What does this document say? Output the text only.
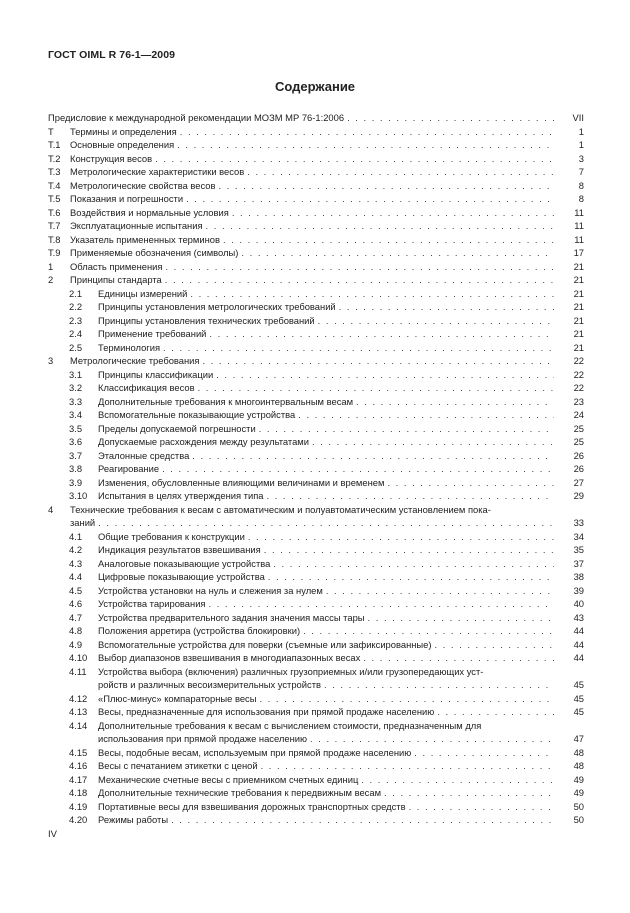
ГОСТ OIML R 76-1—2009
Содержание
Предисловие к международной рекомендации МОЗМ МР 76-1:2006 . . .	VII
T	Термины и определения . . .	1
T.1	Основные определения . . .	1
T.2	Конструкция весов . . .	3
T.3	Метрологические характеристики весов . . .	7
T.4	Метрологические свойства весов . . .	8
T.5	Показания и погрешности . . .	8
T.6	Воздействия и нормальные условия . . .	11
T.7	Эксплуатационные испытания . . .	11
T.8	Указатель примененных терминов . . .	11
T.9	Применяемые обозначения (символы) . . .	17
1	Область применения . . .	21
2	Принципы стандарта . . .	21
2.1	Единицы измерений . . .	21
2.2	Принципы установления метрологических требований . . .	21
2.3	Принципы установления технических требований . . .	21
2.4	Применение требований . . .	21
2.5	Терминология . . .	21
3	Метрологические требования . . .	22
3.1	Принципы классификации . . .	22
3.2	Классификация весов . . .	22
3.3	Дополнительные требования к многоинтервальным весам . . .	23
3.4	Вспомогательные показывающие устройства . . .	24
3.5	Пределы допускаемой погрешности . . .	25
3.6	Допускаемые расхождения между результатами . . .	25
3.7	Эталонные средства . . .	26
3.8	Реагирование . . .	26
3.9	Изменения, обусловленные влияющими величинами и временем . . .	27
3.10	Испытания в целях утверждения типа . . .	29
4	Технические требования к весам с автоматическим и полуавтоматическим установлением пока-
заний . . .	33
4.1	Общие требования к конструкции . . .	34
4.2	Индикация результатов взвешивания . . .	35
4.3	Аналоговые показывающие устройства . . .	37
4.4	Цифровые показывающие устройства . . .	38
4.5	Устройства установки на нуль и слежения за нулем . . .	39
4.6	Устройства тарирования . . .	40
4.7	Устройства предварительного задания значения массы тары . . .	43
4.8	Положения арретира (устройства блокировки) . . .	44
4.9	Вспомогательные устройства для поверки (съемные или зафиксированные) . . .	44
4.10	Выбор диапазонов взвешивания в многодиапазонных весах . . .	44
4.11	Устройства выбора (включения) различных грузоприемных и/или грузопередающих уст-
ройств и различных весоизмерительных устройств . . .	45
4.12	«Плюс-минус» компараторные весы . . .	45
4.13	Весы, предназначенные для использования при прямой продаже населению . . .	45
4.14	Дополнительные требования к весам с вычислением стоимости, предназначенным для
использования при прямой продаже населению . . .	47
4.15	Весы, подобные весам, используемым при прямой продаже населению . . .	48
4.16	Весы с печатанием этикетки с ценой . . .	48
4.17	Механические счетные весы с приемником счетных единиц . . .	49
4.18	Дополнительные технические требования к передвижным весам . . .	49
4.19	Портативные весы для взвешивания дорожных транспортных средств . . .	50
4.20	Режимы работы . . .	50
IV
